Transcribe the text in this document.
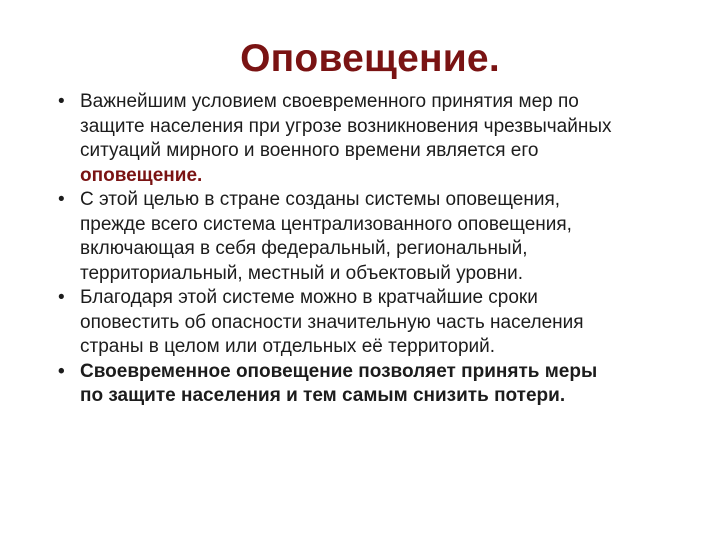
Оповещение.
• Важнейшим условием своевременного принятия мер по
защите населения при угрозе возникновения чрезвычайных
ситуаций мирного и военного времени является его
оповещение.
• С этой целью в стране созданы системы оповещения,
прежде всего система централизованного оповещения,
включающая в себя федеральный, региональный,
территориальный, местный и объектовый уровни.
• Благодаря этой системе можно в кратчайшие сроки
оповестить об опасности значительную часть населения
страны в целом или отдельных её территорий.
• Своевременное оповещение позволяет принять меры
по защите населения и тем самым снизить потери.
